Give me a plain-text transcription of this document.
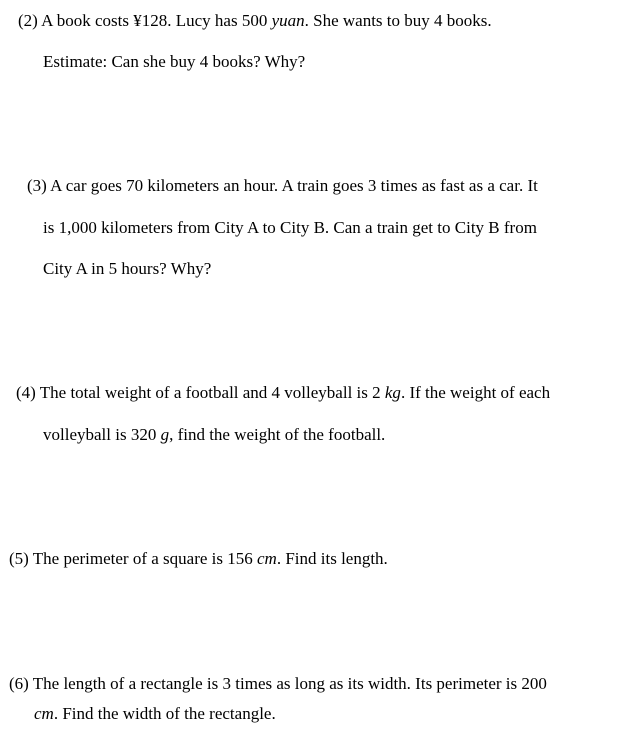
(2) A book costs ¥128. Lucy has 500 yuan. She wants to buy 4 books.

Estimate: Can she buy 4 books? Why?

(3) A car goes 70 kilometers an hour. A train goes 3 times as fast as a car. It

is 1,000 kilometers from City A to City B. Can a train get to City B from

City A in 5 hours? Why?

(4) The total weight of a football and 4 volleyball is 2 kg. If the weight of each

volleyball is 320 g, find the weight of the football.

(5) The perimeter of a square is 156 cm. Find its length.

(6) The length of a rectangle is 3 times as long as its width. Its perimeter is 200

cm. Find the width of the rectangle.
